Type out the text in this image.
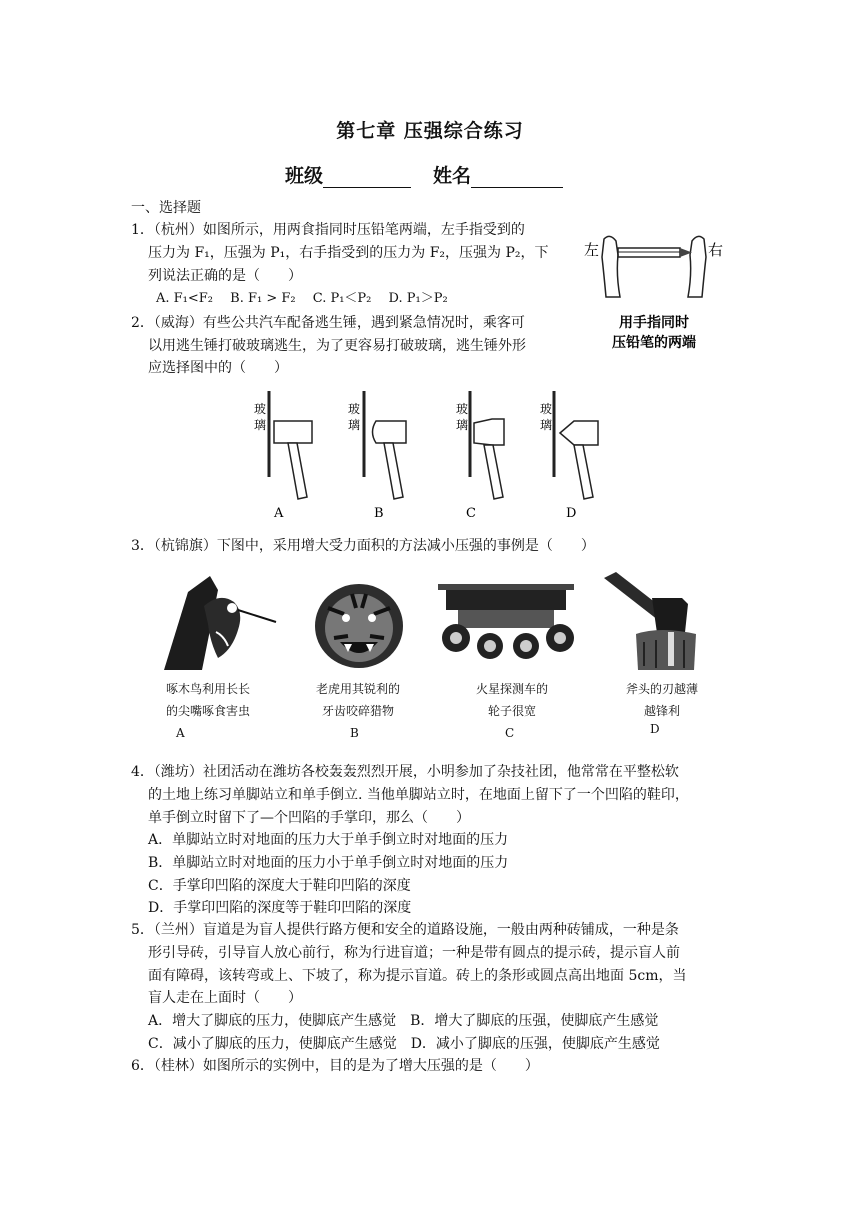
第七章 压强综合练习
班级	姓名
一、选择题
1．（杭州）如图所示，用两食指同时压铅笔两端，左手指受到的
压力为 F₁，压强为 P₁，右手指受到的压力为 F₂，压强为 P₂，下
列说法正确的是（　　）
A. F₁<F₂　 B. F₁ > F₂　 C. P₁＜P₂　 D. P₁＞P₂
左	右
用手指同时
压铅笔的两端
2．（威海）有些公共汽车配备逃生锤，遇到紧急情况时，乘客可
以用逃生锤打破玻璃逃生，为了更容易打破玻璃，逃生锤外形
应选择图中的（　　）
玻
璃
A
玻
璃
B
玻
璃
C
玻
璃
D
3．（杭锦旗）下图中，采用增大受力面积的方法减小压强的事例是（　　）
啄木鸟利用长长
的尖嘴啄食害虫
老虎用其锐利的
牙齿咬碎猎物
火星探测车的
轮子很宽
斧头的刃越薄
越锋利
A	B	C	D
4．（潍坊）社团活动在潍坊各校轰轰烈烈开展，小明参加了杂技社团，他常常在平整松软
的土地上练习单脚站立和单手倒立. 当他单脚站立时，在地面上留下了一个凹陷的鞋印，
单手倒立时留下了—个凹陷的手掌印，那么（　　）
A．单脚站立时对地面的压力大于单手倒立时对地面的压力
B．单脚站立时对地面的压力小于单手倒立时对地面的压力
C．手掌印凹陷的深度大于鞋印凹陷的深度
D．手掌印凹陷的深度等于鞋印凹陷的深度
5．（兰州）盲道是为盲人提供行路方便和安全的道路设施，一般由两种砖铺成，一种是条
形引导砖，引导盲人放心前行，称为行进盲道；一种是带有圆点的提示砖，提示盲人前
面有障碍，该转弯或上、下坡了，称为提示盲道。砖上的条形或圆点高出地面 5cm，当
盲人走在上面时（　　）
A．增大了脚底的压力，使脚底产生感觉　B．增大了脚底的压强，使脚底产生感觉
C．减小了脚底的压力，使脚底产生感觉　D．减小了脚底的压强，使脚底产生感觉
6．（桂林）如图所示的实例中，目的是为了增大压强的是（　　）
